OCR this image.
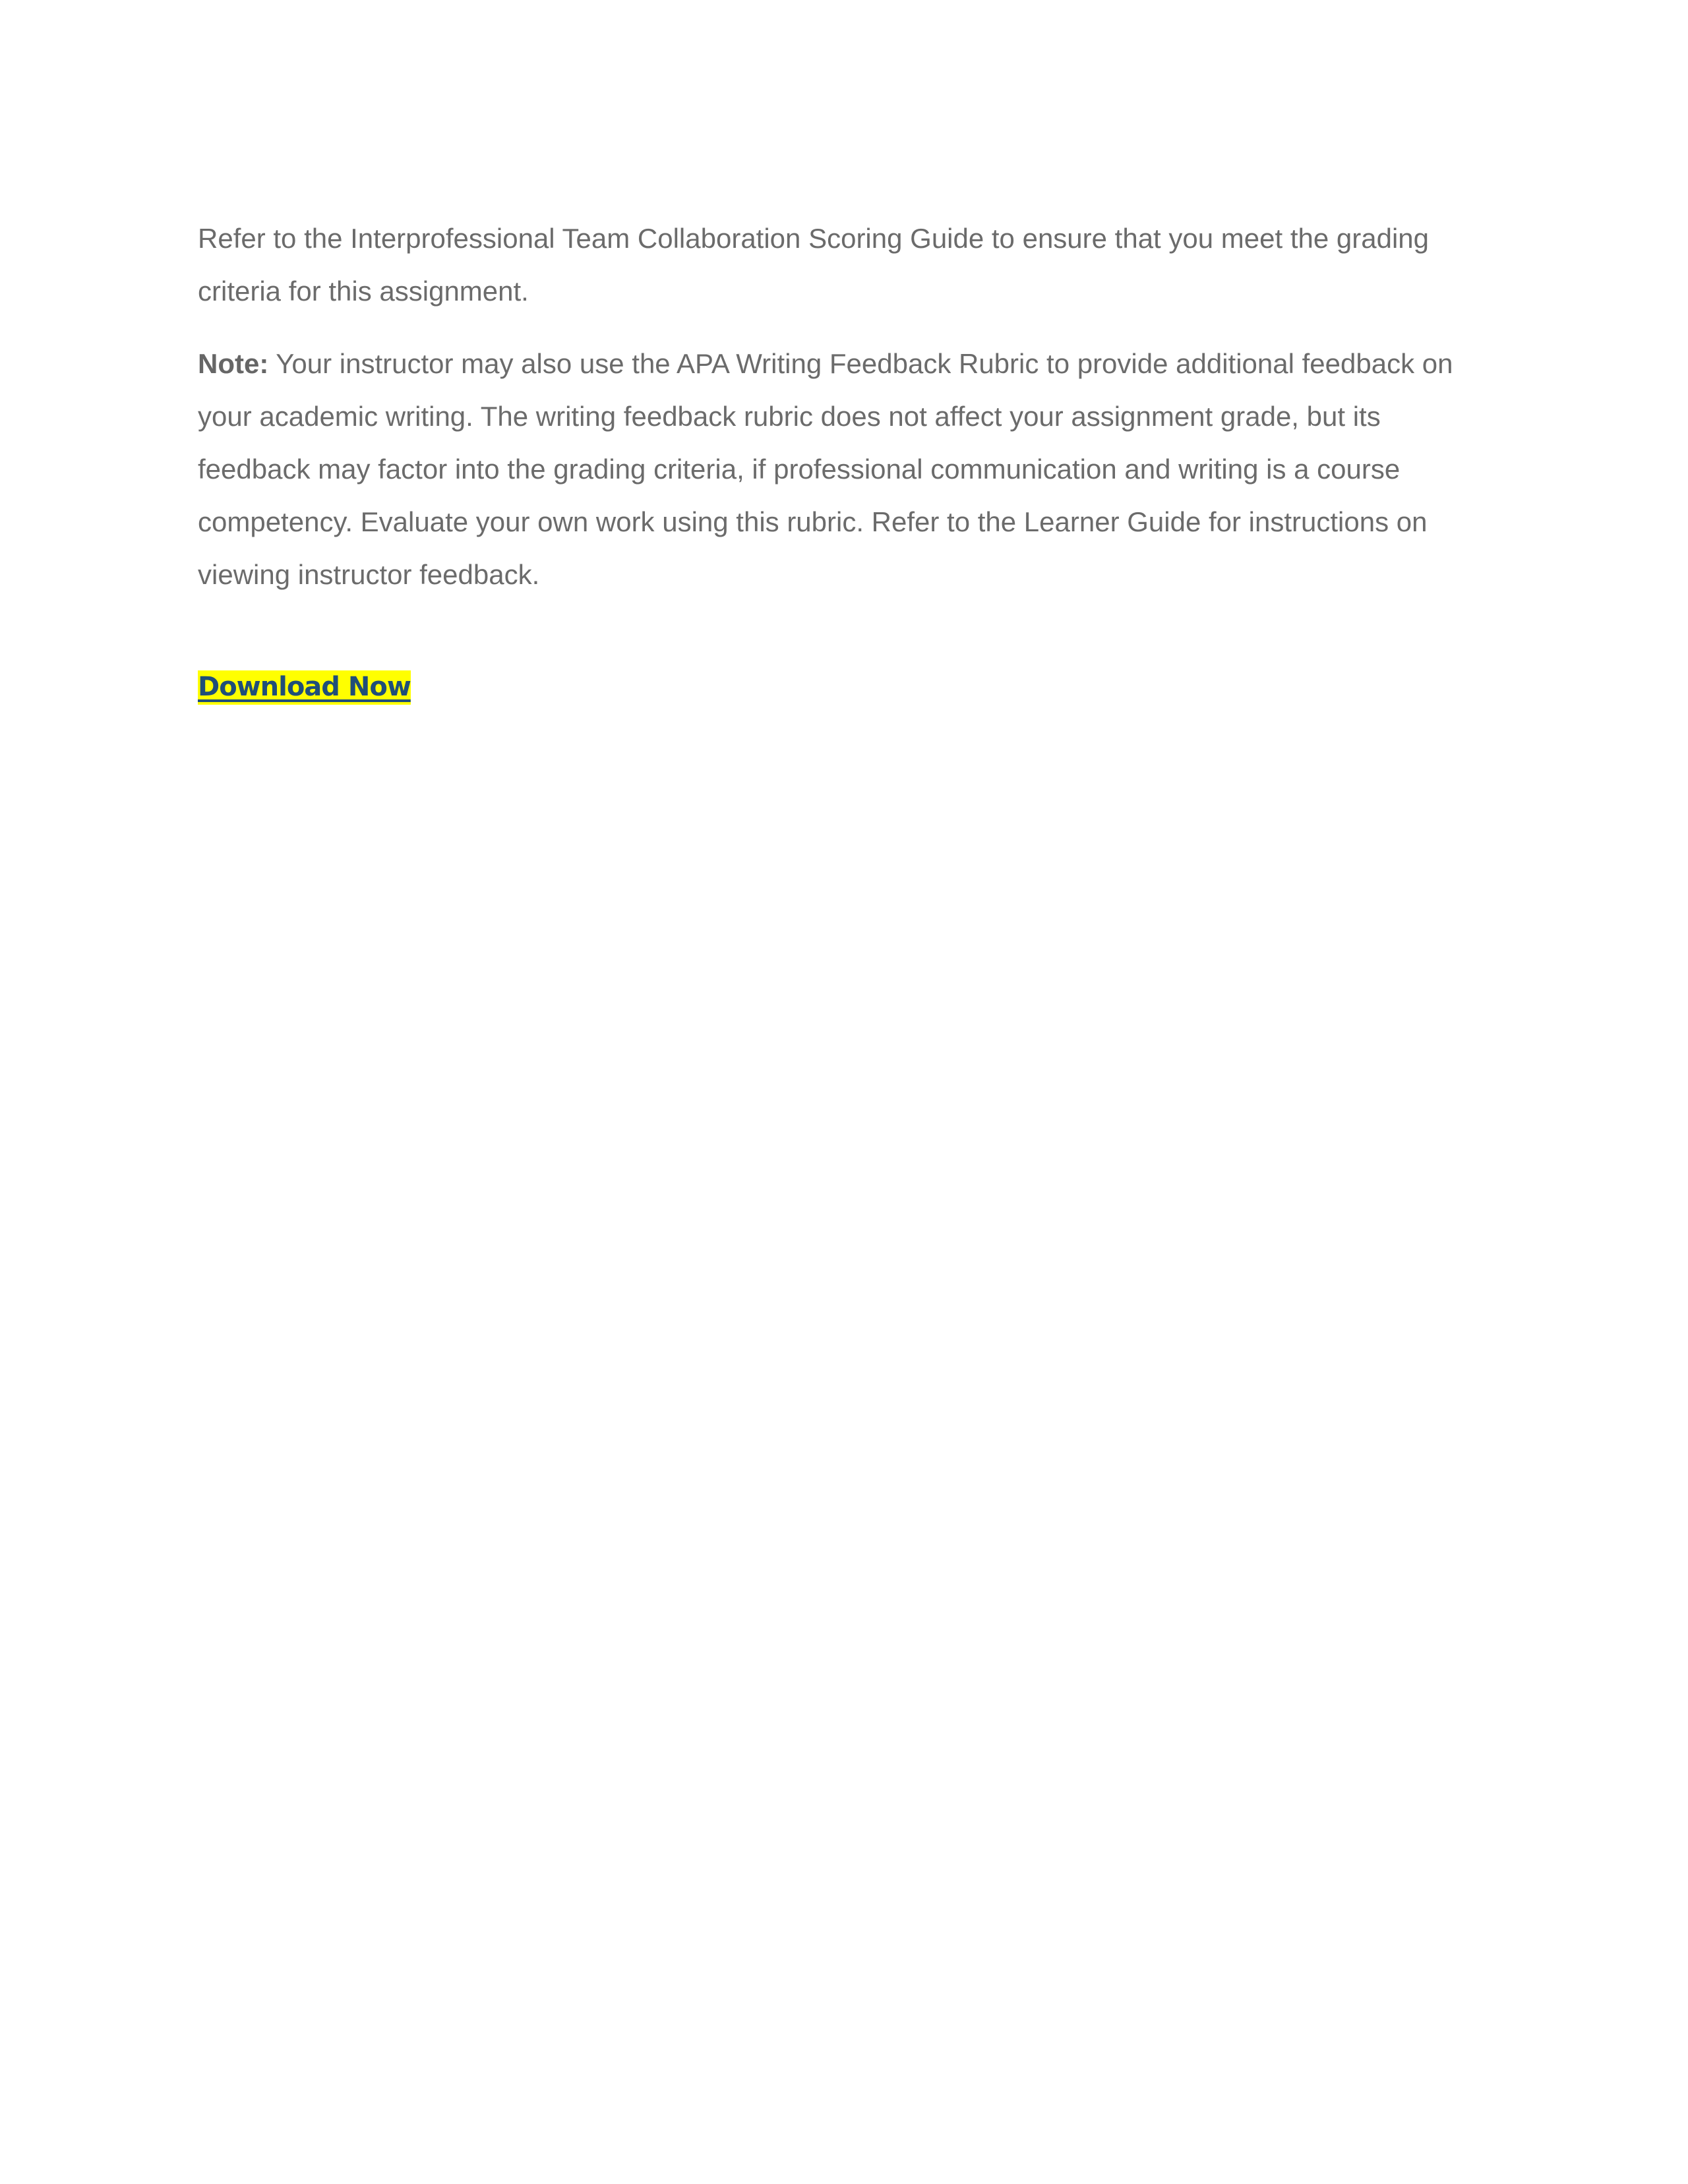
Refer to the Interprofessional Team Collaboration Scoring Guide to ensure that you meet the grading criteria for this assignment.

Note: Your instructor may also use the APA Writing Feedback Rubric to provide additional feedback on your academic writing. The writing feedback rubric does not affect your assignment grade, but its feedback may factor into the grading criteria, if professional communication and writing is a course competency. Evaluate your own work using this rubric. Refer to the Learner Guide for instructions on viewing instructor feedback.

Download Now
